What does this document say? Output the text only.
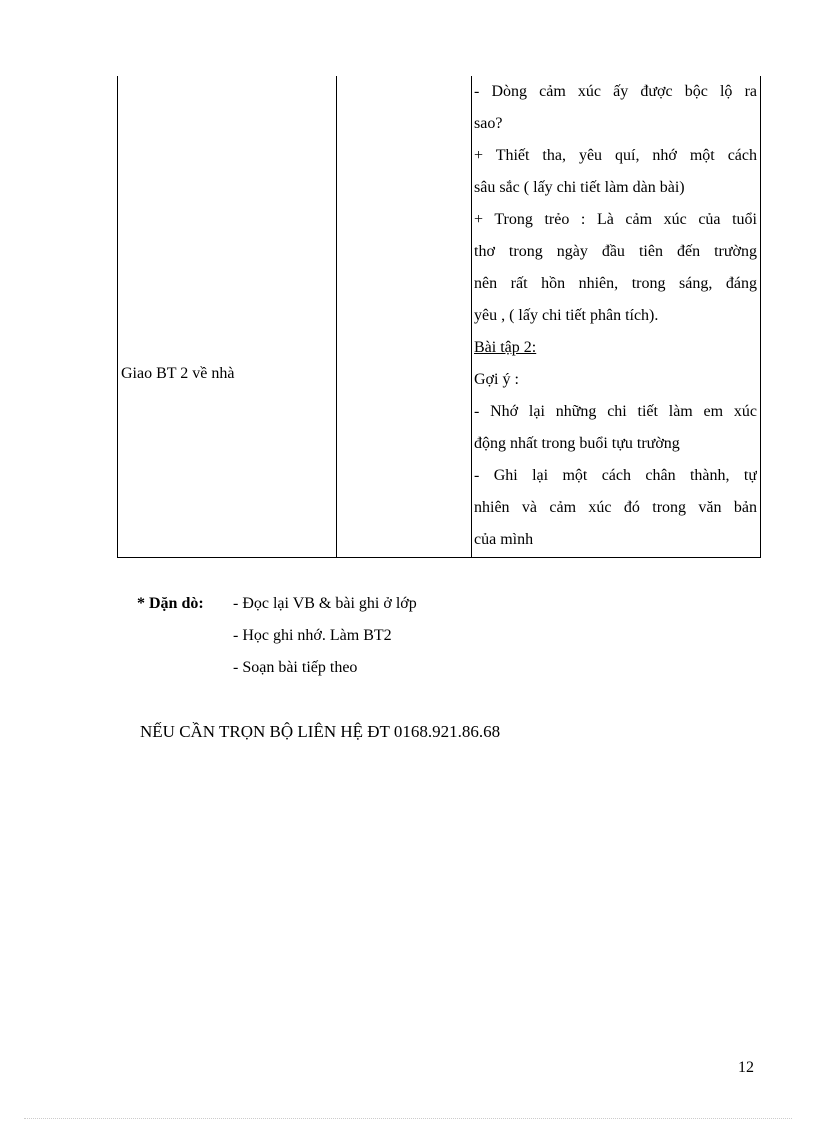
Giao BT 2 về nhà
- Dòng cảm xúc ấy được bộc lộ ra
sao?
+ Thiết tha, yêu quí, nhớ một cách
sâu sắc ( lấy chi tiết làm dàn bài)
+ Trong trẻo : Là cảm xúc của tuổi
thơ trong ngày đầu tiên đến trường
nên rất hồn nhiên, trong sáng, đáng
yêu , ( lấy chi tiết phân tích).
Bài tập 2:
Gợi ý :
- Nhớ lại những chi tiết làm em xúc
động nhất trong buổi tựu trường
- Ghi lại một cách chân thành, tự
nhiên và cảm xúc đó trong văn bản
của mình
* Dặn dò: - Đọc lại VB & bài ghi ở lớp
- Học ghi nhớ. Làm BT2
- Soạn bài tiếp theo
NẾU CẦN TRỌN BỘ LIÊN HỆ ĐT 0168.921.86.68
12
